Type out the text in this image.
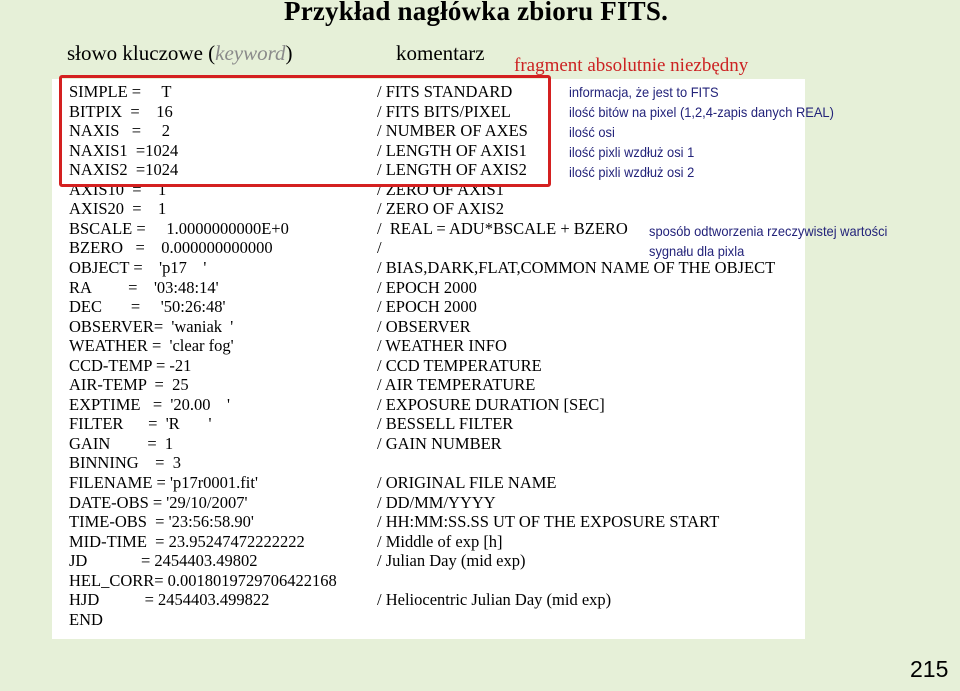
Przykład nagłówka zbioru FITS.
słowo kluczowe (keyword)	komentarz
fragment absolutnie niezbędny
SIMPLE =     T	/ FITS STANDARD
BITPIX  =    16	/ FITS BITS/PIXEL
NAXIS   =     2	/ NUMBER OF AXES
NAXIS1  =1024	/ LENGTH OF AXIS1
NAXIS2  =1024	/ LENGTH OF AXIS2
AXIS10  =    1	/ ZERO OF AXIS1
AXIS20  =    1	/ ZERO OF AXIS2
BSCALE =     1.0000000000E+0	/  REAL = ADU*BSCALE + BZERO
BZERO   =    0.000000000000	/
OBJECT =    'p17    '	/ BIAS,DARK,FLAT,COMMON NAME OF THE OBJECT
RA         =    '03:48:14'	/ EPOCH 2000
DEC       =     '50:26:48'	/ EPOCH 2000
OBSERVER=  'waniak  '	/ OBSERVER
WEATHER =  'clear fog'	/ WEATHER INFO
CCD-TEMP = -21	/ CCD TEMPERATURE
AIR-TEMP  =  25	/ AIR TEMPERATURE
EXPTIME   =  '20.00    '	/ EXPOSURE DURATION [SEC]
FILTER      =  'R       '	/ BESSELL FILTER
GAIN         =  1	/ GAIN NUMBER
BINNING    =  3
FILENAME = 'p17r0001.fit'	/ ORIGINAL FILE NAME
DATE-OBS = '29/10/2007'	/ DD/MM/YYYY
TIME-OBS  = '23:56:58.90'	/ HH:MM:SS.SS UT OF THE EXPOSURE START
MID-TIME  = 23.95247472222222	/ Middle of exp [h]
JD             = 2454403.49802	/ Julian Day (mid exp)
HEL_CORR= 0.0018019729706422168
HJD           = 2454403.499822	/ Heliocentric Julian Day (mid exp)
END
informacja, że jest to FITS
ilość bitów na pixel (1,2,4-zapis danych REAL)
ilość osi
ilość pixli wzdłuż osi 1
ilość pixli wzdłuż osi 2
sposób odtworzenia rzeczywistej wartości
sygnału dla pixla
215
